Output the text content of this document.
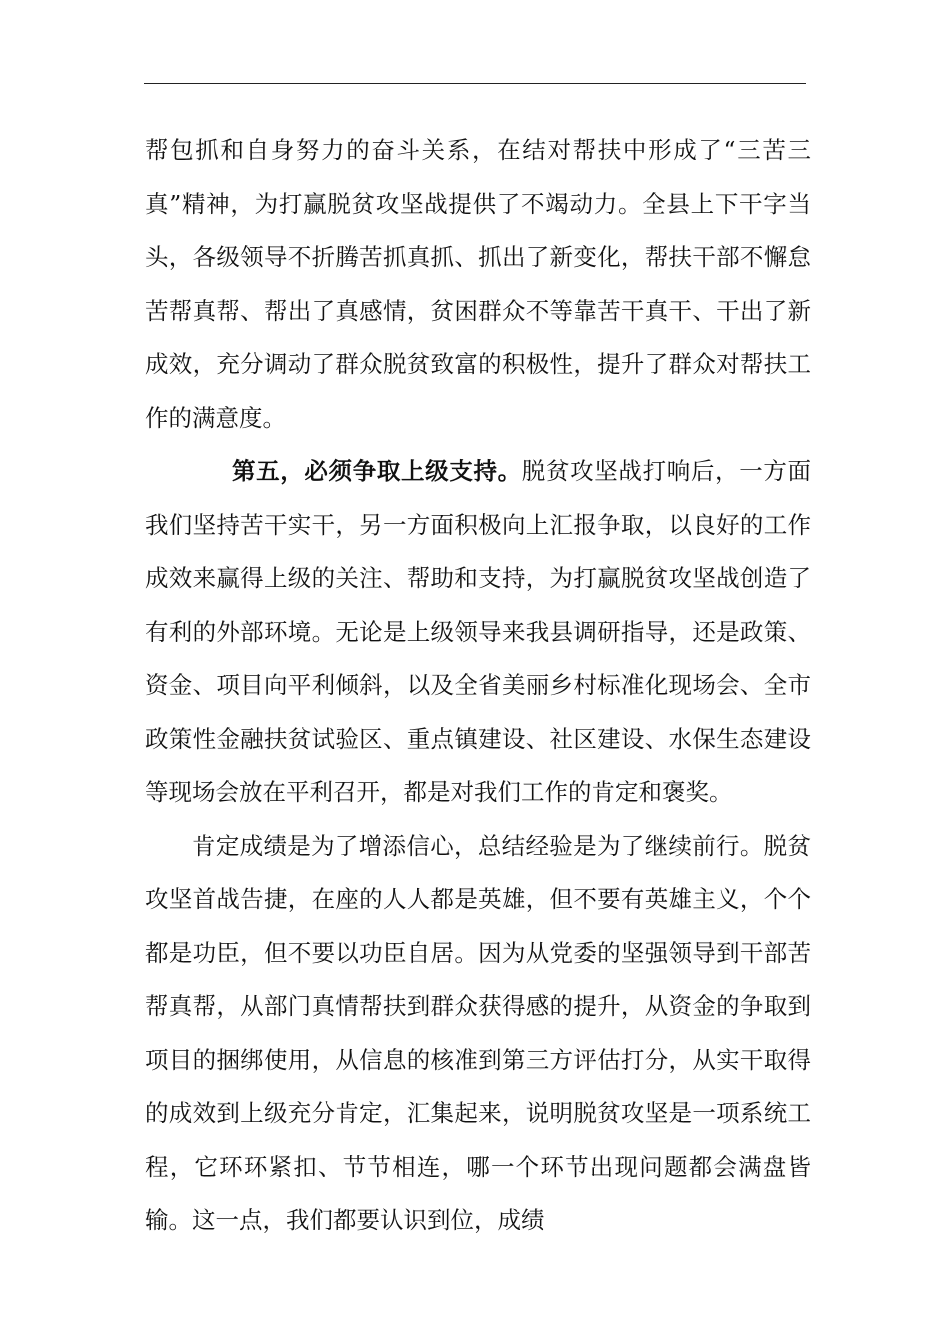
帮包抓和自身努力的奋斗关系，在结对帮扶中形成了“三苦三真”精神，为打赢脱贫攻坚战提供了不竭动力。全县上下干字当头，各级领导不折腾苦抓真抓、抓出了新变化，帮扶干部不懈怠苦帮真帮、帮出了真感情，贫困群众不等靠苦干真干、干出了新成效，充分调动了群众脱贫致富的积极性，提升了群众对帮扶工作的满意度。

第五，必须争取上级支持。脱贫攻坚战打响后，一方面我们坚持苦干实干，另一方面积极向上汇报争取，以良好的工作成效来赢得上级的关注、帮助和支持，为打赢脱贫攻坚战创造了有利的外部环境。无论是上级领导来我县调研指导，还是政策、资金、项目向平利倾斜，以及全省美丽乡村标准化现场会、全市政策性金融扶贫试验区、重点镇建设、社区建设、水保生态建设等现场会放在平利召开，都是对我们工作的肯定和褒奖。

肯定成绩是为了增添信心，总结经验是为了继续前行。脱贫攻坚首战告捷，在座的人人都是英雄，但不要有英雄主义，个个都是功臣，但不要以功臣自居。因为从党委的坚强领导到干部苦帮真帮，从部门真情帮扶到群众获得感的提升，从资金的争取到项目的捆绑使用，从信息的核准到第三方评估打分，从实干取得的成效到上级充分肯定，汇集起来，说明脱贫攻坚是一项系统工程，它环环紧扣、节节相连，哪一个环节出现问题都会满盘皆输。这一点，我们都要认识到位，成绩
